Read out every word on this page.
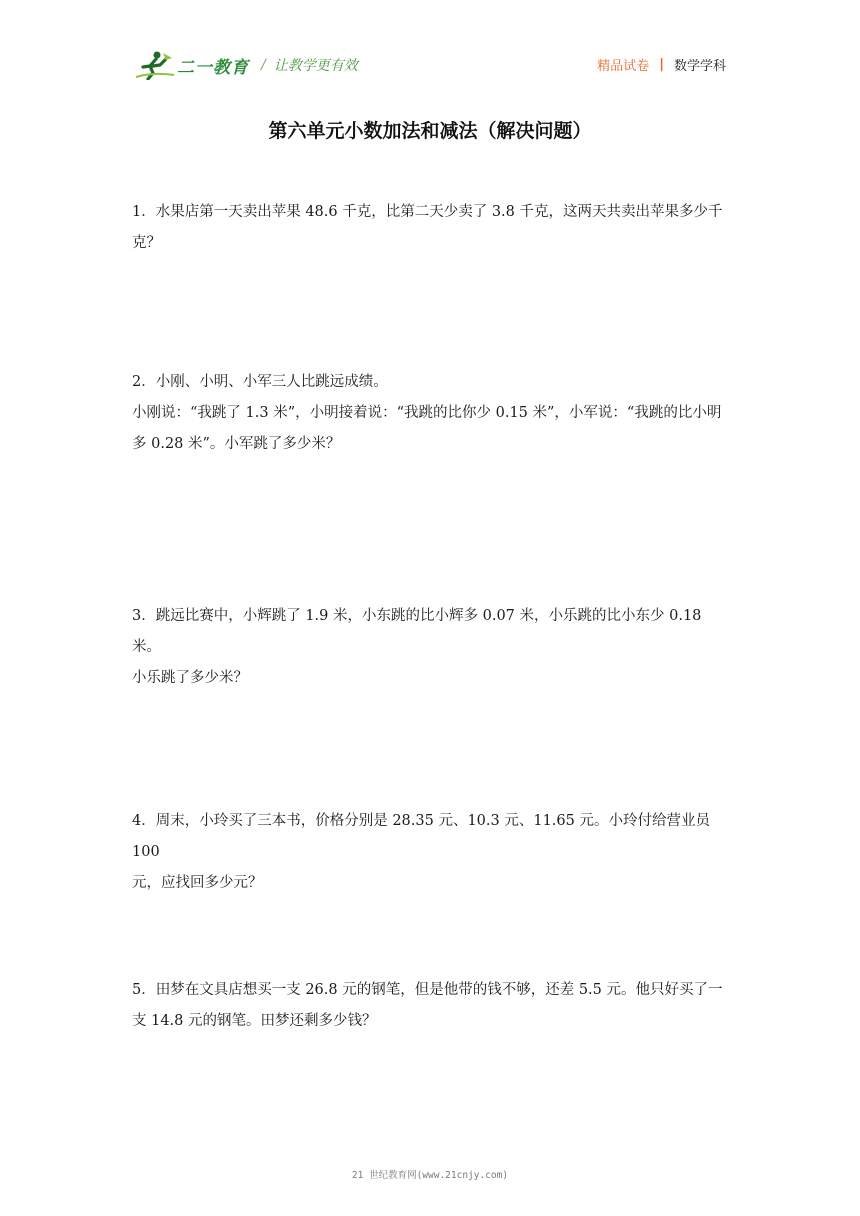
二一教育 / 让教学更有效	精品试卷 | 数学学科
第六单元小数加法和减法（解决问题）

1．水果店第一天卖出苹果 48.6 千克，比第二天少卖了 3.8 千克，这两天共卖出苹果多少千

克？

2．小刚、小明、小军三人比跳远成绩。

小刚说：“我跳了 1.3 米”，小明接着说：“我跳的比你少 0.15 米”，小军说：“我跳的比小明

多 0.28 米”。小军跳了多少米？

3．跳远比赛中，小辉跳了 1.9 米，小东跳的比小辉多 0.07 米，小乐跳的比小东少 0.18 米。

小乐跳了多少米？

4．周末，小玲买了三本书，价格分别是 28.35 元、10.3 元、11.65 元。小玲付给营业员 100

元，应找回多少元？

5．田梦在文具店想买一支 26.8 元的钢笔，但是他带的钱不够，还差 5.5 元。他只好买了一

支 14.8 元的钢笔。田梦还剩多少钱？

21 世纪教育网(www.21cnjy.com)
